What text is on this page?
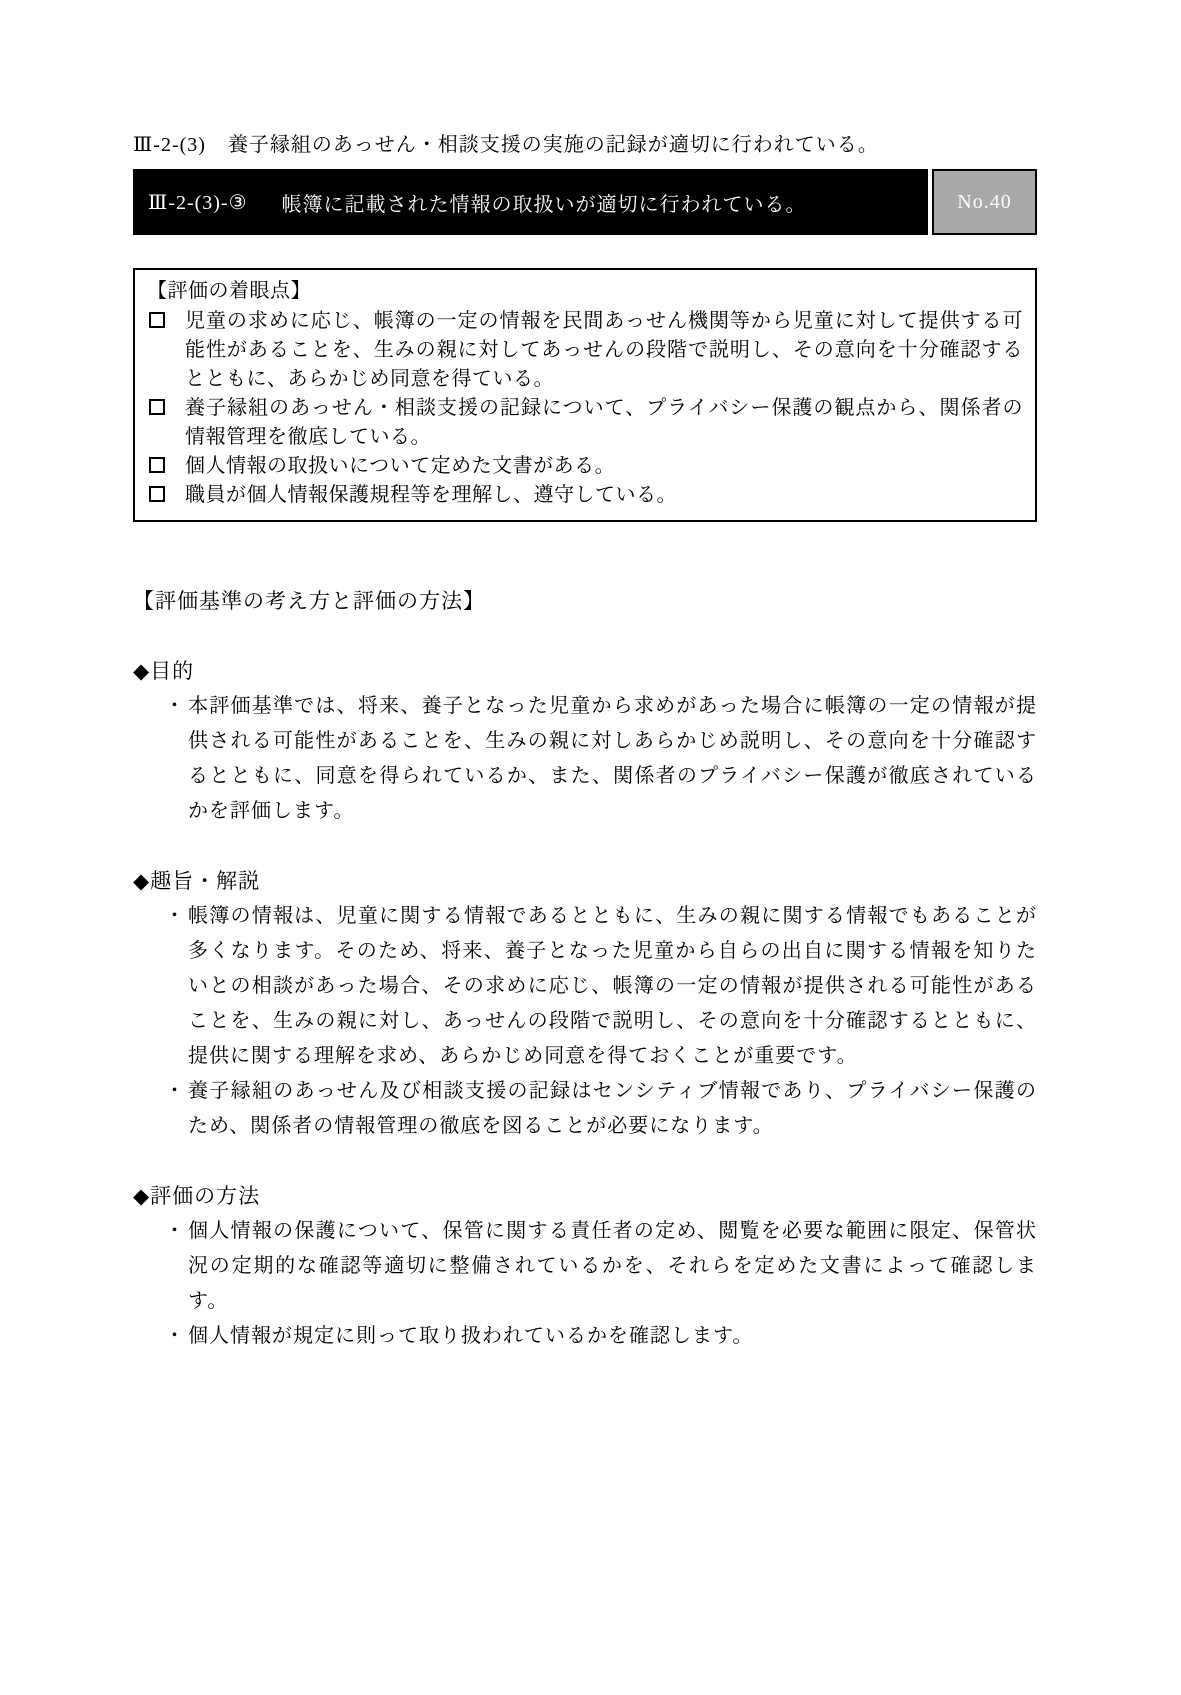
Ⅲ-2-(3) 養子縁組のあっせん・相談支援の実施の記録が適切に行われている。
Ⅲ-2-(3)-③ 帳簿に記載された情報の取扱いが適切に行われている。	No.40
【評価の着眼点】
児童の求めに応じ、帳簿の一定の情報を民間あっせん機関等から児童に対して提供する可能性があることを、生みの親に対してあっせんの段階で説明し、その意向を十分確認するとともに、あらかじめ同意を得ている。
養子縁組のあっせん・相談支援の記録について、プライバシー保護の観点から、関係者の情報管理を徹底している。
個人情報の取扱いについて定めた文書がある。
職員が個人情報保護規程等を理解し、遵守している。
【評価基準の考え方と評価の方法】
◆目的
・ 本評価基準では、将来、養子となった児童から求めがあった場合に帳簿の一定の情報が提供される可能性があることを、生みの親に対しあらかじめ説明し、その意向を十分確認するとともに、同意を得られているか、また、関係者のプライバシー保護が徹底されているかを評価します。
◆趣旨・解説
・ 帳簿の情報は、児童に関する情報であるとともに、生みの親に関する情報でもあることが多くなります。そのため、将来、養子となった児童から自らの出自に関する情報を知りたいとの相談があった場合、その求めに応じ、帳簿の一定の情報が提供される可能性があることを、生みの親に対し、あっせんの段階で説明し、その意向を十分確認するとともに、提供に関する理解を求め、あらかじめ同意を得ておくことが重要です。
・ 養子縁組のあっせん及び相談支援の記録はセンシティブ情報であり、プライバシー保護のため、関係者の情報管理の徹底を図ることが必要になります。
◆評価の方法
・ 個人情報の保護について、保管に関する責任者の定め、閲覧を必要な範囲に限定、保管状況の定期的な確認等適切に整備されているかを、それらを定めた文書によって確認します。
・ 個人情報が規定に則って取り扱われているかを確認します。
